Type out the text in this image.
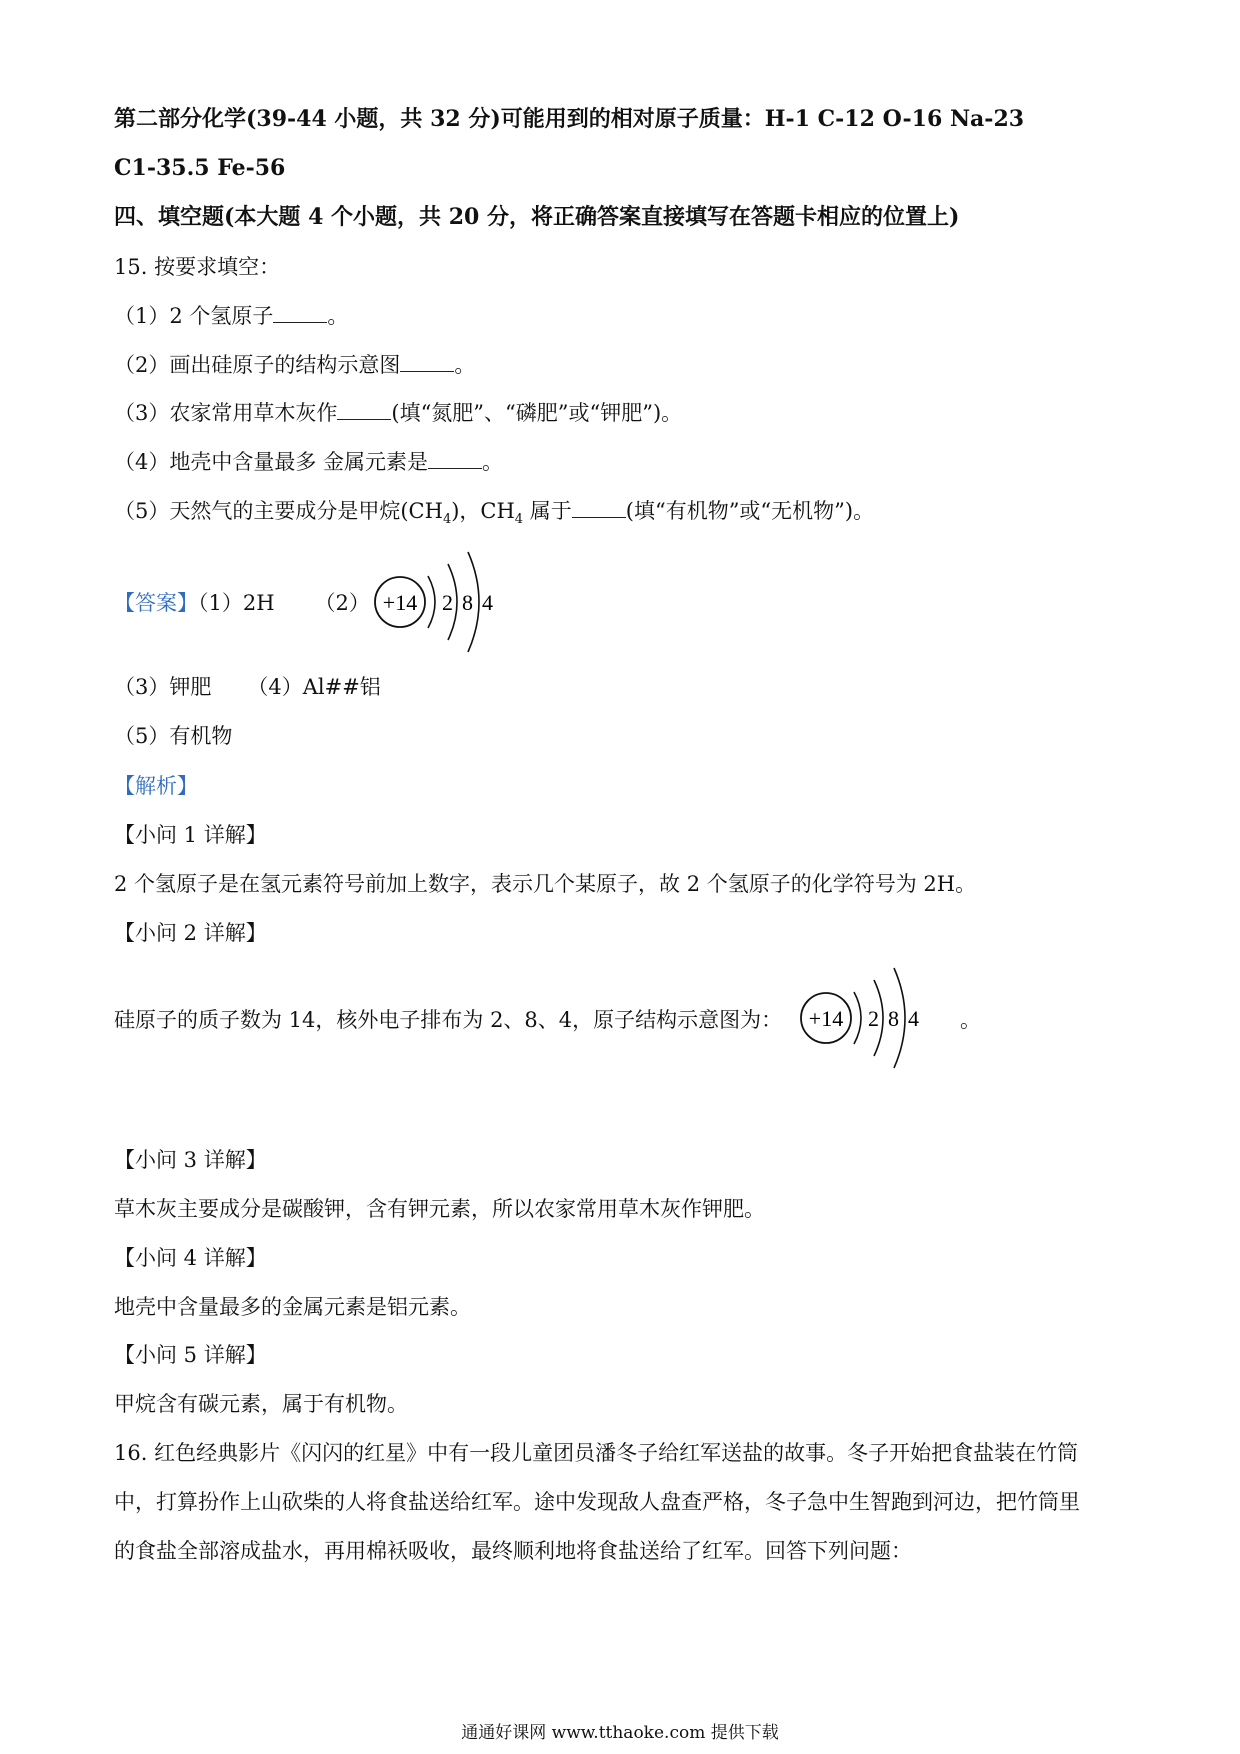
第二部分化学(39-44 小题，共 32 分)可能用到的相对原子质量：H-1 C-12 O-16 Na-23
C1-35.5 Fe-56
四、填空题(本大题 4 个小题，共 20 分，将正确答案直接填写在答题卡相应的位置上)
15. 按要求填空：
（1）2 个氢原子	。
（2）画出硅原子的结构示意图	。
（3）农家常用草木灰作	(填“氮肥”、“磷肥”或“钾肥”)。
（4）地壳中含量最多 金属元素是	。
（5）天然气的主要成分是甲烷$(CH_4)$，$CH_4$ 属于	(填“有机物”或“无机物”)。
【答案】（1）2H （2） +14 2 8 4
（3）钾肥 （4）Al##铝
（5）有机物
【解析】
【小问 1 详解】
2 个氢原子是在氢元素符号前加上数字，表示几个某原子，故 2 个氢原子的化学符号为 2H。
【小问 2 详解】
硅原子的质子数为 14，核外电子排布为 2、8、4，原子结构示意图为： +14 2 8 4 。
【小问 3 详解】
草木灰主要成分是碳酸钾，含有钾元素，所以农家常用草木灰作钾肥。
【小问 4 详解】
地壳中含量最多的金属元素是铝元素。
【小问 5 详解】
甲烷含有碳元素，属于有机物。
16. 红色经典影片《闪闪的红星》中有一段儿童团员潘冬子给红军送盐的故事。冬子开始把食盐装在竹筒
中，打算扮作上山砍柴的人将食盐送给红军。途中发现敌人盘查严格，冬子急中生智跑到河边，把竹筒里
的食盐全部溶成盐水，再用棉袄吸收，最终顺利地将食盐送给了红军。回答下列问题：
通通好课网 www.tthaoke.com 提供下载
